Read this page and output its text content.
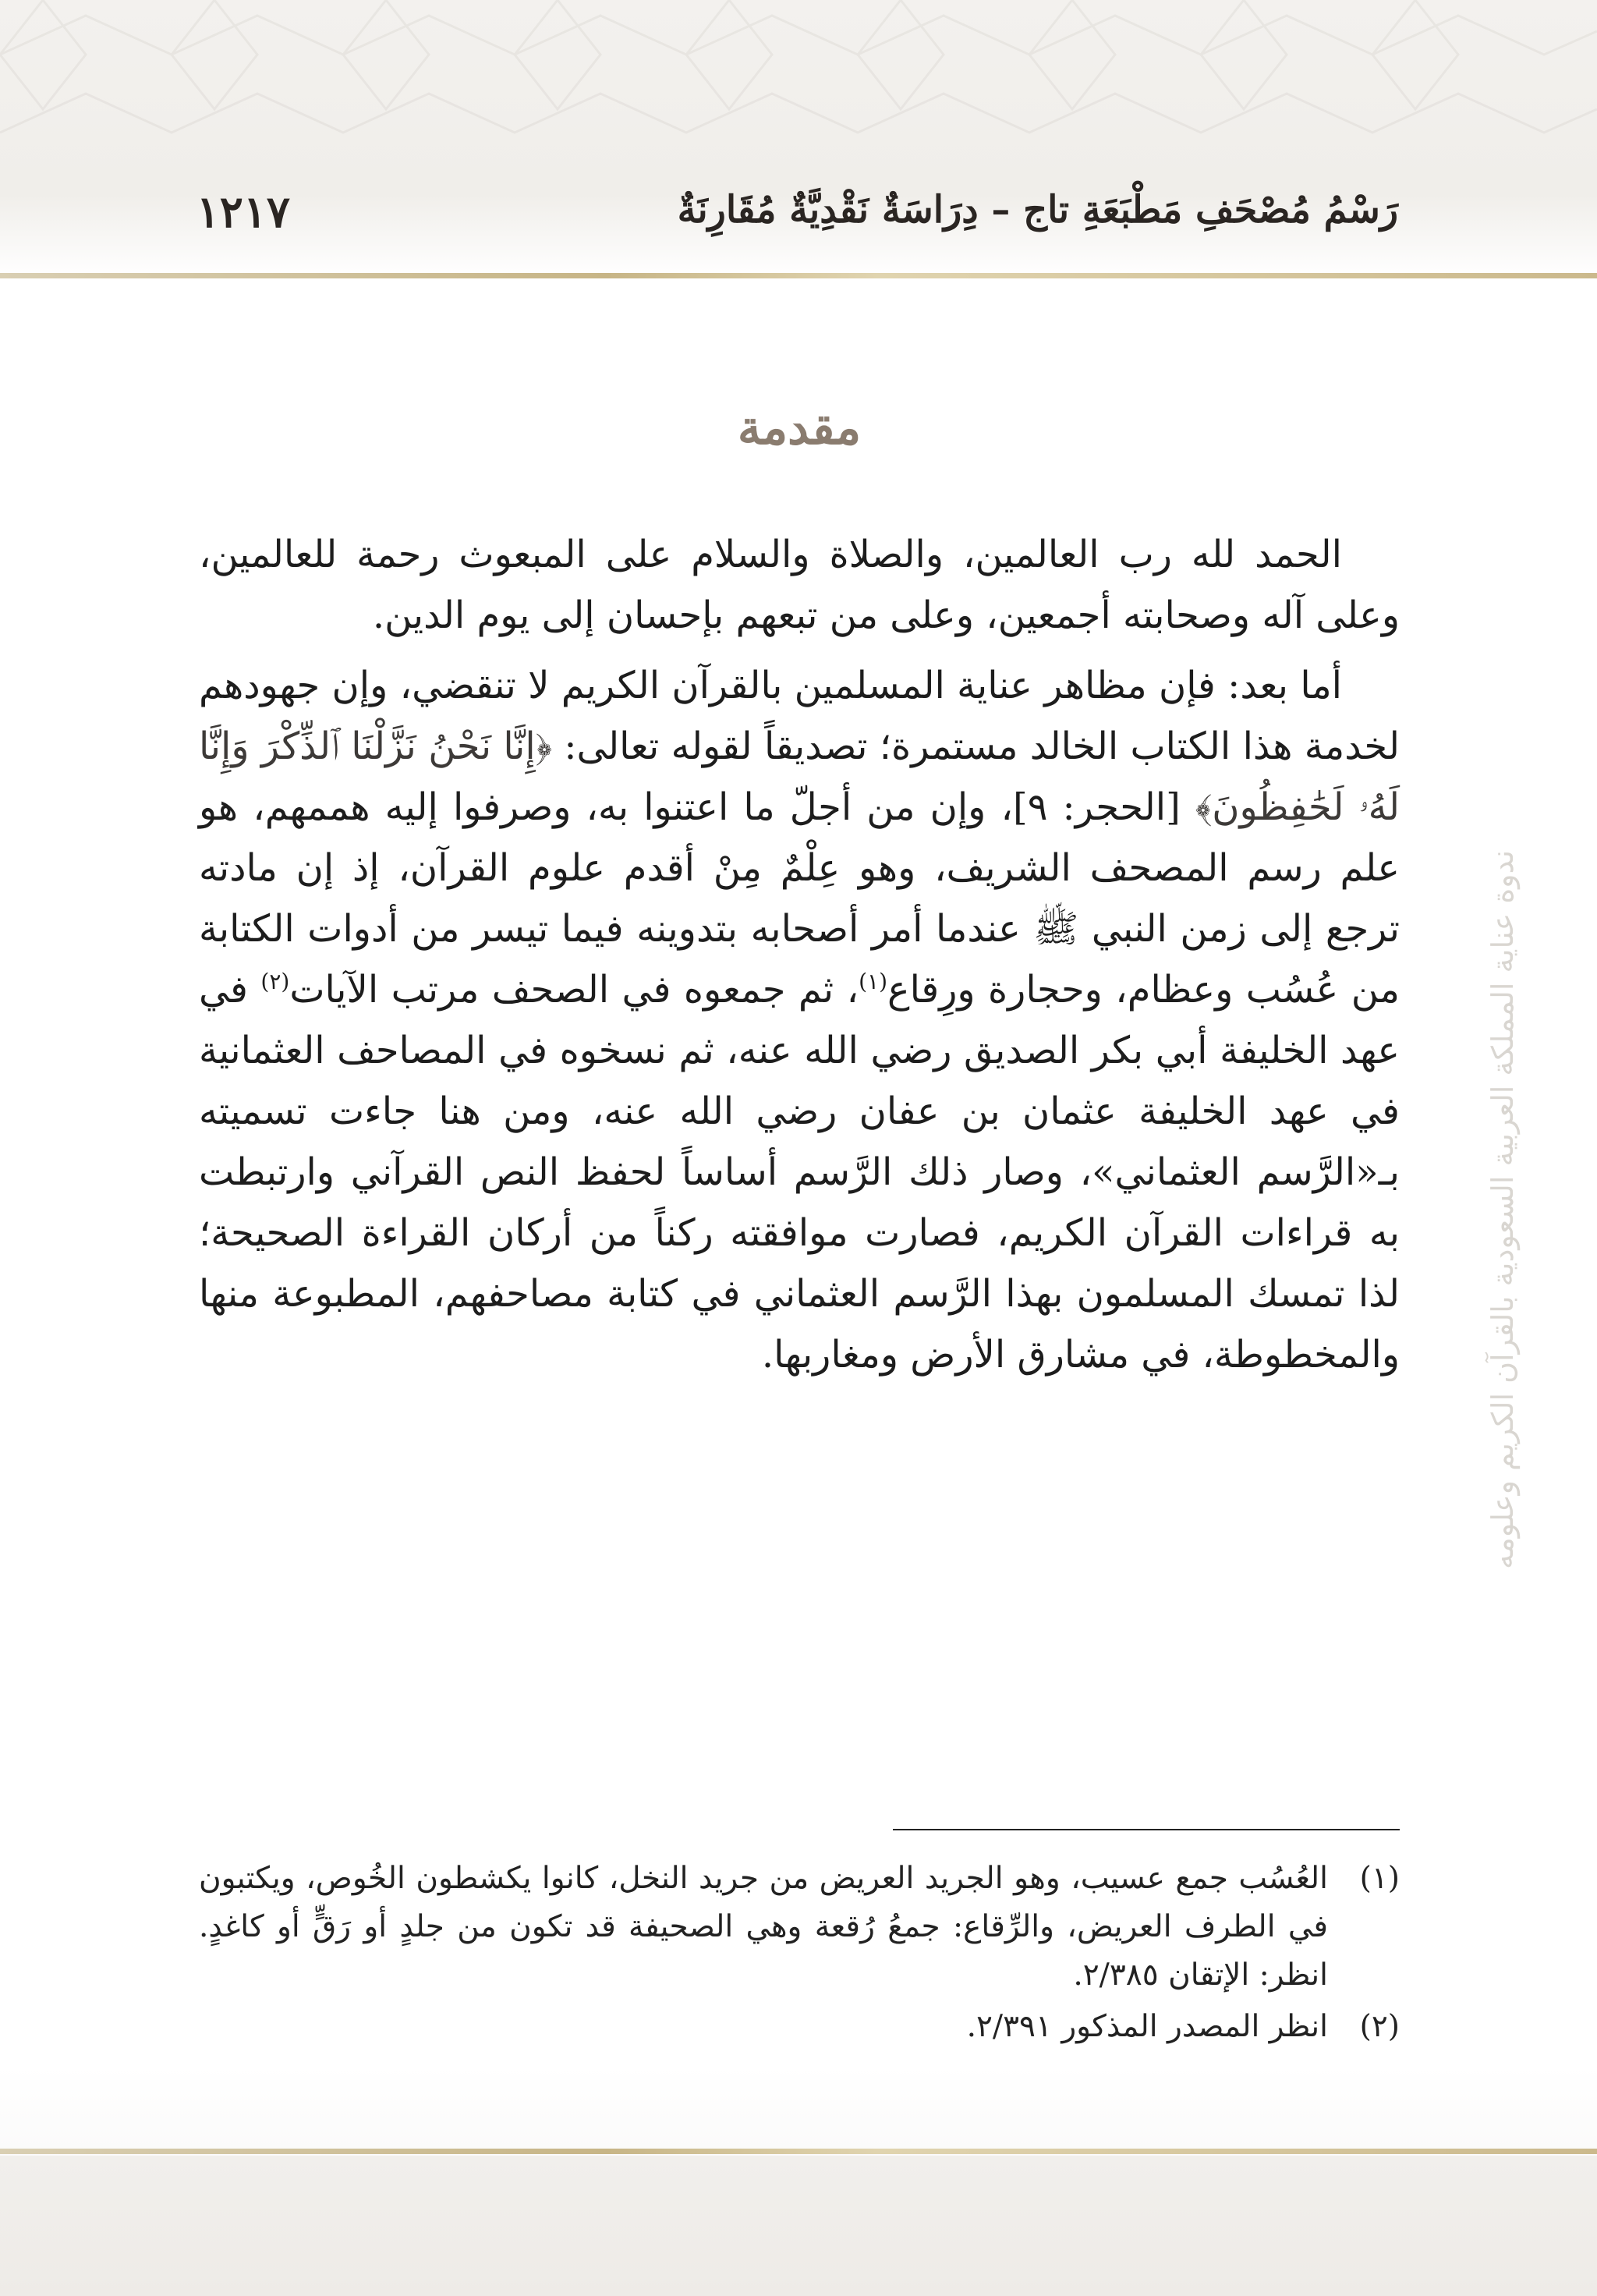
رَسْمُ مُصْحَفِ مَطْبَعَةِ تاج – دِرَاسَةٌ نَقْدِيَّةٌ مُقَارِنَةٌ
١٢١٧
ندوة عناية المملكة العربية السعودية بالقرآن الكريم وعلومه
مقدمة

الحمد لله رب العالمين، والصلاة والسلام على المبعوث رحمة للعالمين، وعلى آله وصحابته أجمعين، وعلى من تبعهم بإحسان إلى يوم الدين.

أما بعد: فإن مظاهر عناية المسلمين بالقرآن الكريم لا تنقضي، وإن جهودهم لخدمة هذا الكتاب الخالد مستمرة؛ تصديقاً لقوله تعالى: ﴿إِنَّا نَحْنُ نَزَّلْنَا ٱلذِّكْرَ وَإِنَّا لَهُۥ لَحَٰفِظُونَ﴾ [الحجر: ٩]، وإن من أجلّ ما اعتنوا به، وصرفوا إليه هممهم، هو علم رسم المصحف الشريف، وهو عِلْمٌ مِنْ أقدم علوم القرآن، إذ إن مادته ترجع إلى زمن النبي ﷺ عندما أمر أصحابه بتدوينه فيما تيسر من أدوات الكتابة من عُسُب وعظام، وحجارة ورِقاع$^{(١)}$، ثم جمعوه في الصحف مرتب الآيات$^{(٢)}$ في عهد الخليفة أبي بكر الصديق رضي الله عنه، ثم نسخوه في المصاحف العثمانية في عهد الخليفة عثمان بن عفان رضي الله عنه، ومن هنا جاءت تسميته بـ«الرَّسم العثماني»، وصار ذلك الرَّسم أساساً لحفظ النص القرآني وارتبطت به قراءات القرآن الكريم، فصارت موافقته ركناً من أركان القراءة الصحيحة؛ لذا تمسك المسلمون بهذا الرَّسم العثماني في كتابة مصاحفهم، المطبوعة منها والمخطوطة، في مشارق الأرض ومغاربها.

(١)
العُسُب جمع عسيب، وهو الجريد العريض من جريد النخل، كانوا يكشطون الخُوص، ويكتبون في الطرف العريض، والرِّقاع: جمعُ رُقعة وهي الصحيفة قد تكون من جلدٍ أو رَقٍّ أو كاغدٍ. انظر: الإتقان ٢/٣٨٥.
(٢)
انظر المصدر المذكور ٢/٣٩١.
